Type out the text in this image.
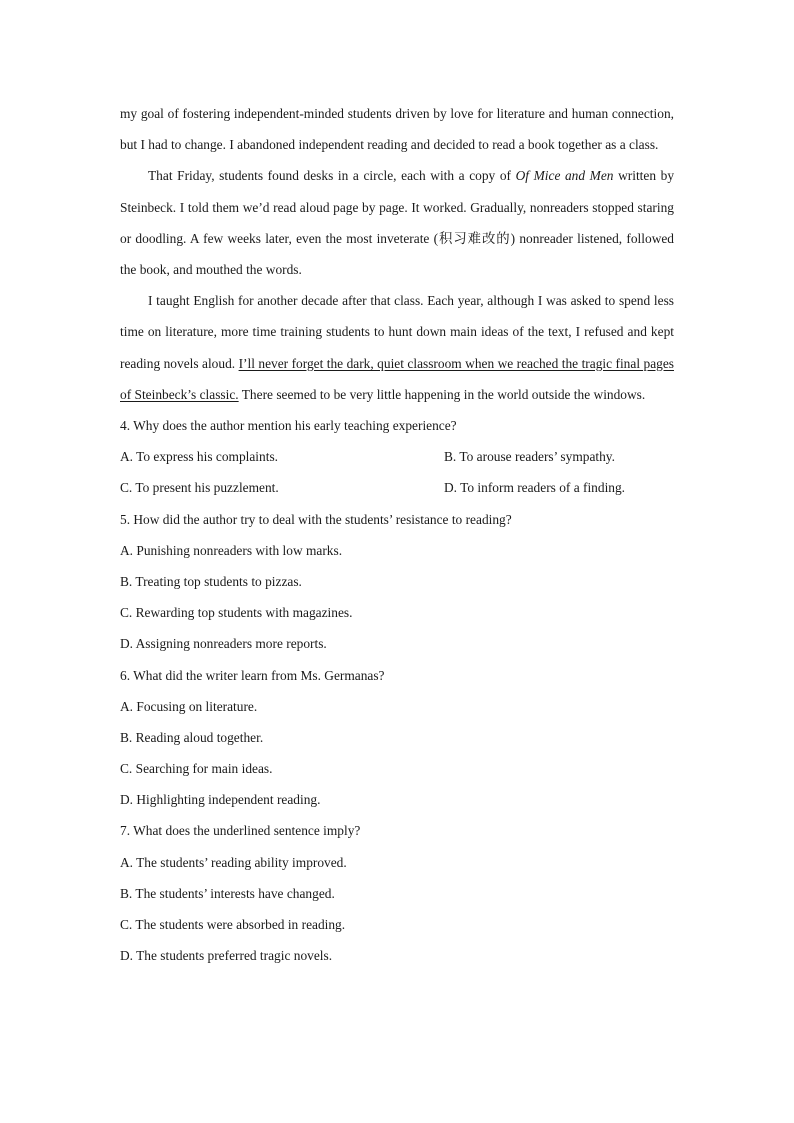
my goal of fostering independent-minded students driven by love for literature and human connection, but I had to change. I abandoned independent reading and decided to read a book together as a class.

That Friday, students found desks in a circle, each with a copy of Of Mice and Men written by Steinbeck. I told them we’d read aloud page by page. It worked. Gradually, nonreaders stopped staring or doodling. A few weeks later, even the most inveterate (积习难改的) nonreader listened, followed the book, and mouthed the words.

I taught English for another decade after that class. Each year, although I was asked to spend less time on literature, more time training students to hunt down main ideas of the text, I refused and kept reading novels aloud. I’ll never forget the dark, quiet classroom when we reached the tragic final pages of Steinbeck’s classic. There seemed to be very little happening in the world outside the windows.

4. Why does the author mention his early teaching experience?
A. To express his complaints.	B. To arouse readers’ sympathy.
C. To present his puzzlement.	D. To inform readers of a finding.
5. How did the author try to deal with the students’ resistance to reading?
A. Punishing nonreaders with low marks.
B. Treating top students to pizzas.
C. Rewarding top students with magazines.
D. Assigning nonreaders more reports.
6. What did the writer learn from Ms. Germanas?
A. Focusing on literature.
B. Reading aloud together.
C. Searching for main ideas.
D. Highlighting independent reading.
7. What does the underlined sentence imply?
A. The students’ reading ability improved.
B. The students’ interests have changed.
C. The students were absorbed in reading.
D. The students preferred tragic novels.
